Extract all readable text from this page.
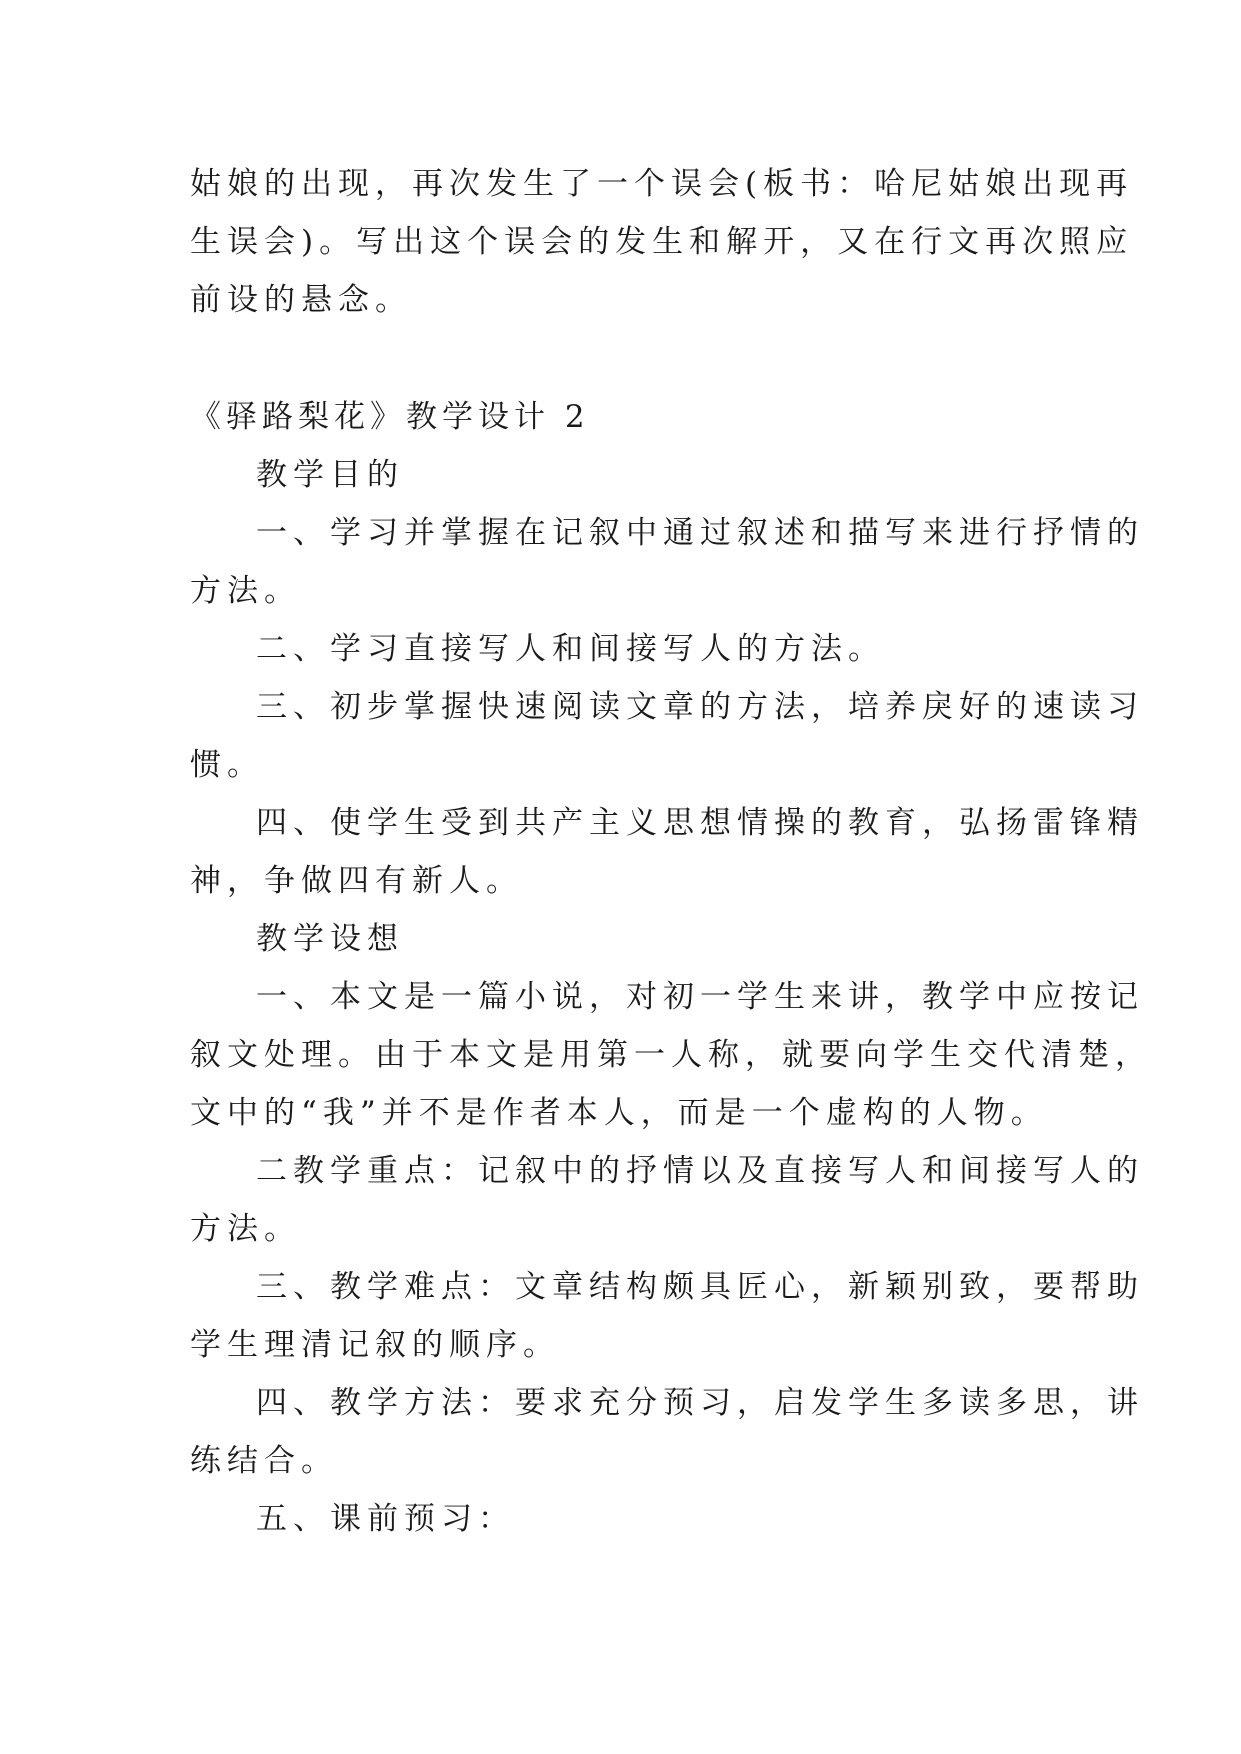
姑娘的出现，再次发生了一个误会(板书：哈尼姑娘出现再
生误会)。写出这个误会的发生和解开，又在行文再次照应
前设的悬念。
《驿路梨花》教学设计 2
教学目的
一、学习并掌握在记叙中通过叙述和描写来进行抒情的
方法。
二、学习直接写人和间接写人的方法。
三、初步掌握快速阅读文章的方法，培养戾好的速读习
惯。
四、使学生受到共产主义思想情操的教育，弘扬雷锋精
神，争做四有新人。
教学设想
一、本文是一篇小说，对初一学生来讲，教学中应按记
叙文处理。由于本文是用第一人称，就要向学生交代清楚，
文中的“我”并不是作者本人，而是一个虚构的人物。
二教学重点：记叙中的抒情以及直接写人和间接写人的
方法。
三、教学难点：文章结构颇具匠心，新颖别致，要帮助
学生理清记叙的顺序。
四、教学方法：要求充分预习，启发学生多读多思，讲
练结合。
五、课前预习：
